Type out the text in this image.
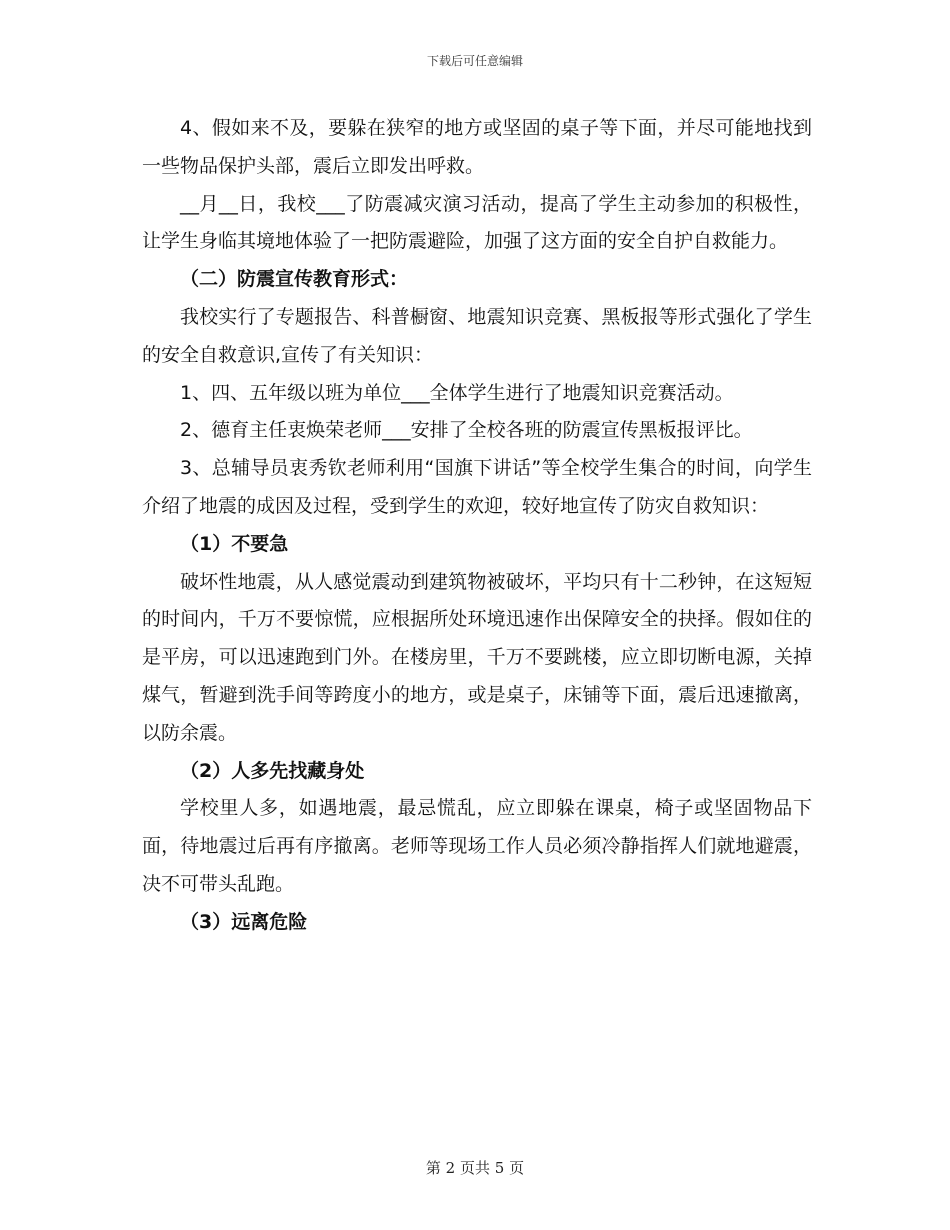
下载后可任意编辑

4、假如来不及，要躲在狭窄的地方或坚固的桌子等下面，并尽可能地找到一些物品保护头部，震后立即发出呼救。

__月__日，我校___了防震减灾演习活动，提高了学生主动参加的积极性，让学生身临其境地体验了一把防震避险，加强了这方面的安全自护自救能力。

（二）防震宣传教育形式：

我校实行了专题报告、科普橱窗、地震知识竞赛、黑板报等形式强化了学生的安全自救意识,宣传了有关知识：

1、四、五年级以班为单位___全体学生进行了地震知识竞赛活动。

2、德育主任衷焕荣老师___安排了全校各班的防震宣传黑板报评比。

3、总辅导员衷秀钦老师利用“国旗下讲话”等全校学生集合的时间，向学生介绍了地震的成因及过程，受到学生的欢迎，较好地宣传了防灾自救知识：

（1）不要急

破坏性地震，从人感觉震动到建筑物被破坏，平均只有十二秒钟，在这短短的时间内，千万不要惊慌，应根据所处环境迅速作出保障安全的抉择。假如住的是平房，可以迅速跑到门外。在楼房里，千万不要跳楼，应立即切断电源，关掉煤气，暂避到洗手间等跨度小的地方，或是桌子，床铺等下面，震后迅速撤离，以防余震。

（2）人多先找藏身处

学校里人多，如遇地震，最忌慌乱，应立即躲在课桌，椅子或坚固物品下面，待地震过后再有序撤离。老师等现场工作人员必须冷静指挥人们就地避震，决不可带头乱跑。

（3）远离危险

第 2 页共 5 页
